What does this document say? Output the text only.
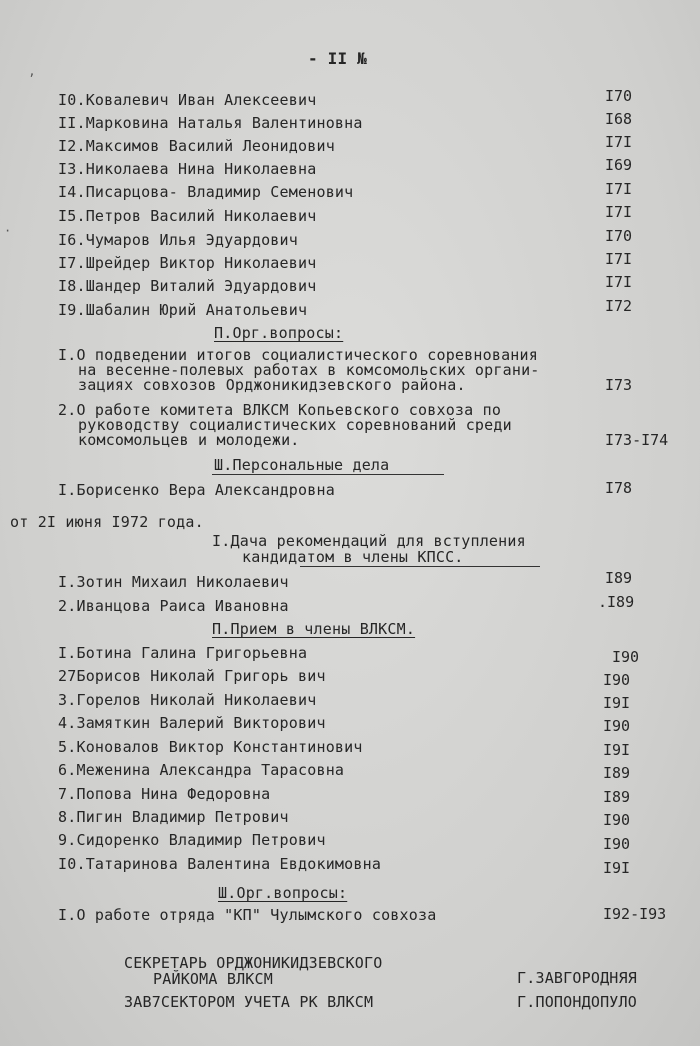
- II №
I0.Ковалевич Иван Алексеевич	I70
II.Марковина Наталья Валентиновна	I68
I2.Максимов Василий Леонидович	I7I
I3.Николаева Нина Николаевна	I69
I4.Писарцова- Владимир Семенович	I7I
I5.Петров Василий Николаевич	I7I
I6.Чумаров Илья Эдуардович	I70
I7.Шрейдер Виктор Николаевич	I7I
I8.Шандер Виталий Эдуардович	I7I
I9.Шабалин Юрий Анатольевич	I72
П.Орг.вопросы:
I.О подведении итогов социалистического соревнования
на весенне-полевых работах в комсомольских органи-
зациях совхозов Орджоникидзевского района.	I73
2.О работе комитета ВЛКСМ Копьевского совхоза по
руководству социалистических соревнований среди
комсомольцев и молодежи.	I73-I74
Ш.Персональные дела
I.Борисенко Вера Александровна	I78
от 2I июня I972 года.
I.Дача рекомендаций для вступления
кандидатом в члены КПСС.
I.Зотин Михаил Николаевич	I89
2.Иванцова Раиса Ивановна	.I89
П.Прием в члены ВЛКСМ.
I.Ботина Галина Григорьевна	I90
27Борисов Николай Григорь вич	I90
3.Горелов Николай Николаевич	I9I
4.Замяткин Валерий Викторович	I90
5.Коновалов Виктор Константинович	I9I
6.Меженина Александра Тарасовна	I89
7.Попова Нина Федоровна	I89
8.Пигин Владимир Петрович	I90
9.Сидоренко Владимир Петрович	I90
I0.Татаринова Валентина Евдокимовна	I9I
Ш.Орг.вопросы:
I.О работе отряда "КП" Чулымского совхоза	I92-I93
СЕКРЕТАРЬ ОРДЖОНИКИДЗЕВСКОГО
РАЙКОМА ВЛКСМ	Г.ЗАВГОРОДНЯЯ
ЗАВ7СЕКТОРОМ УЧЕТА РК ВЛКСМ	Г.ПОПОНДОПУЛО
ʼ
·
